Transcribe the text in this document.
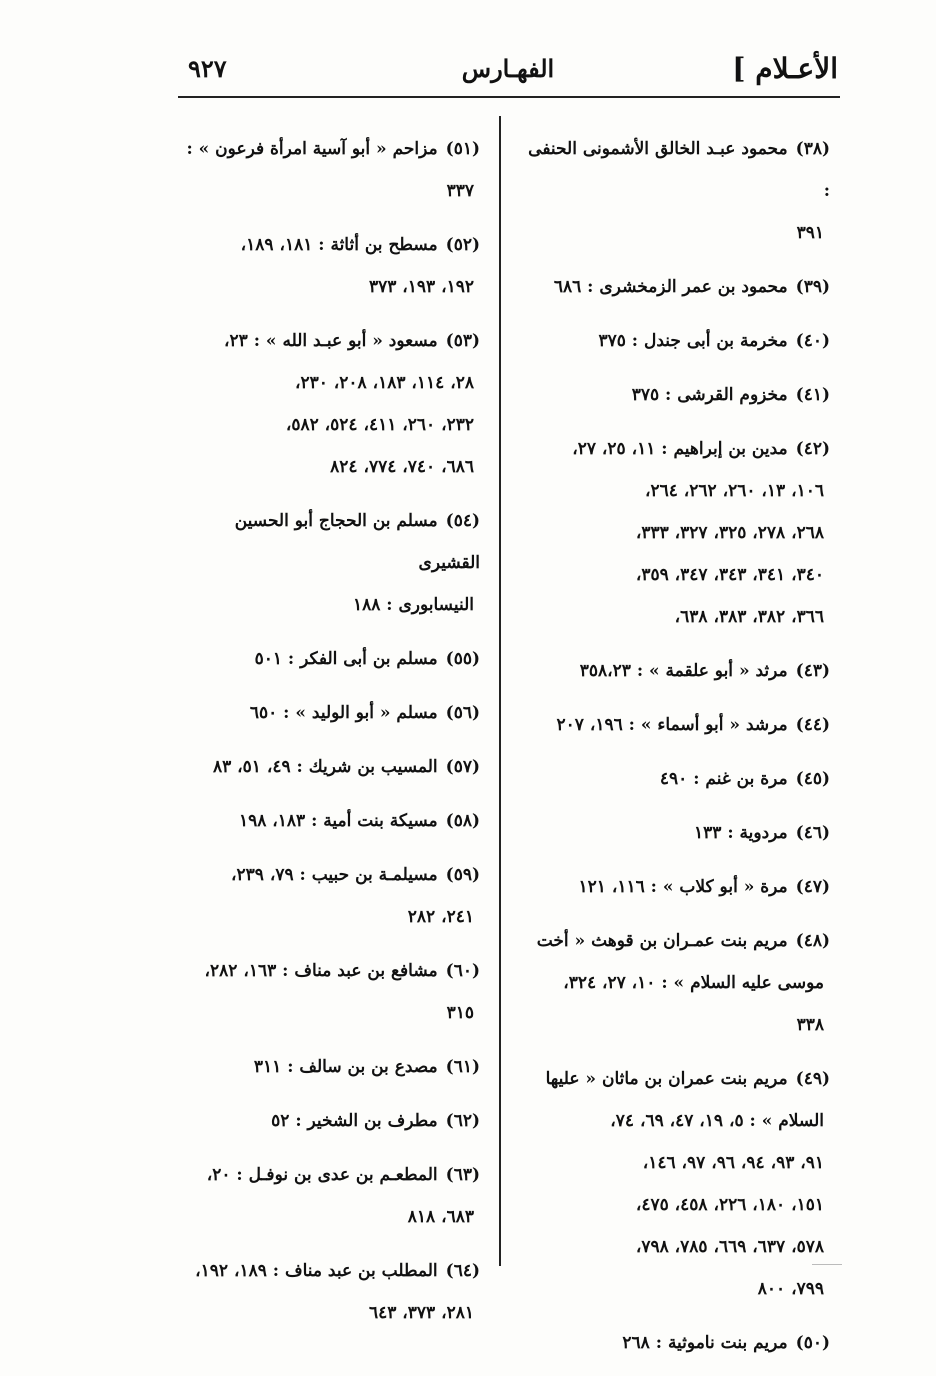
الأعـلام ]
الفهـارس
٩٢٧
(٣٨)محمود عبـد الخالق الأشمونى الحنفى :
٣٩١
(٣٩)محمود بن عمر الزمخشرى : ٦٨٦
(٤٠)مخرمة بن أبى جندل : ٣٧٥
(٤١)مخزوم القرشى : ٣٧٥
(٤٢)مدين بن إبراهيم : ١١، ٢٥، ٢٧،
١٠٦، ١٣، ٢٦٠، ٢٦٢، ٢٦٤،
٢٦٨، ٢٧٨، ٣٢٥، ٣٢٧، ٣٣٣،
٣٤٠، ٣٤١، ٣٤٣، ٣٤٧، ٣٥٩،
٣٦٦، ٣٨٢، ٣٨٣، ٦٣٨،
(٤٣)مرثد « أبو علقمة » : ٣٥٨،٢٣
(٤٤)مرشد « أبو أسماء » : ١٩٦، ٢٠٧
(٤٥)مرة بن غنم : ٤٩٠
(٤٦)مردوية : ١٣٣
(٤٧)مرة « أبو كلاب » : ١١٦، ١٢١
(٤٨)مريم بنت عمـران بن قوهث « أخت
موسى عليه السلام » : ١٠، ٢٧، ٣٢٤،
٣٣٨
(٤٩)مريم بنت عمران بن ماثان « عليها
السلام » : ٥، ١٩، ٤٧، ٦٩، ٧٤،
٩١، ٩٣، ٩٤، ٩٦، ٩٧، ١٤٦،
١٥١، ١٨٠، ٢٢٦، ٤٥٨، ٤٧٥،
٥٧٨، ٦٣٧، ٦٦٩، ٧٨٥، ٧٩٨،
٧٩٩، ٨٠٠
(٥٠)مريم بنت ناموثية : ٢٦٨
(٥١)مزاحم « أبو آسية امرأة فرعون » :
٣٣٧
(٥٢)مسطح بن أثاثة : ١٨١، ١٨٩،
١٩٢، ١٩٣، ٣٧٣
(٥٣)مسعود « أبو عبـد الله » : ٢٣،
٢٨، ١١٤، ١٨٣، ٢٠٨، ٢٣٠،
٢٣٢، ٢٦٠، ٤١١، ٥٢٤، ٥٨٢،
٦٨٦، ٧٤٠، ٧٧٤، ٨٢٤
(٥٤)مسلم بن الحجاج أبو الحسين القشيرى
النيسابورى : ١٨٨
(٥٥)مسلم بن أبى الفكر : ٥٠١
(٥٦)مسلم « أبو الوليد » : ٦٥٠
(٥٧)المسيب بن شريك : ٤٩، ٥١، ٨٣
(٥٨)مسيكة بنت أمية : ١٨٣، ١٩٨
(٥٩)مسيلمـة بن حبيب : ٧٩، ٢٣٩،
٢٤١، ٢٨٢
(٦٠)مشافع بن عبد مناف : ١٦٣، ٢٨٢،
٣١٥
(٦١)مصدع بن بن سالف : ٣١١
(٦٢)مطرف بن الشخير : ٥٢
(٦٣)المطعـم بن عدى بن نوفـل : ٢٠،
٦٨٣، ٨١٨
(٦٤)المطلب بن عبد مناف : ١٨٩، ١٩٢،
٢٨١، ٣٧٣، ٦٤٣
